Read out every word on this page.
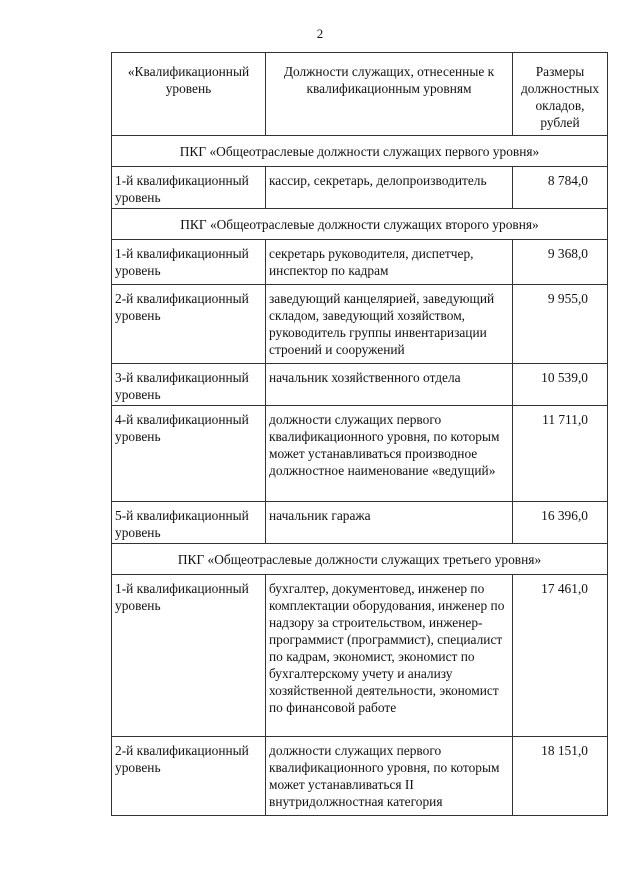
2
«Квалификационный уровень	Должности служащих, отнесенные к квалификационным уровням	Размеры должностных окладов, рублей
ПКГ «Общеотраслевые должности служащих первого уровня»		
1-й квалификационный уровень	кассир, секретарь, делопроизводитель	8 784,0
ПКГ «Общеотраслевые должности служащих второго уровня»		
1-й квалификационный уровень	секретарь руководителя, диспетчер, инспектор по кадрам	9 368,0
2-й квалификационный уровень	заведующий канцелярией, заведующий складом, заведующий хозяйством, руководитель группы инвентаризации строений и сооружений	9 955,0
3-й квалификационный уровень	начальник хозяйственного отдела	10 539,0
4-й квалификационный уровень	должности служащих первого квалификационного уровня, по которым может устанавливаться производное должностное наименование «ведущий»	11 711,0
5-й квалификационный уровень	начальник гаража	16 396,0
ПКГ «Общеотраслевые должности служащих третьего уровня»		
1-й квалификационный уровень	бухгалтер, документовед, инженер по комплектации оборудования, инженер по надзору за строительством, инженер-программист (программист), специалист по кадрам, экономист, экономист по бухгалтерскому учету и анализу хозяйственной деятельности, экономист по финансовой работе	17 461,0
2-й квалификационный уровень	должности служащих первого квалификационного уровня, по которым может устанавливаться II внутридолжностная категория	18 151,0
